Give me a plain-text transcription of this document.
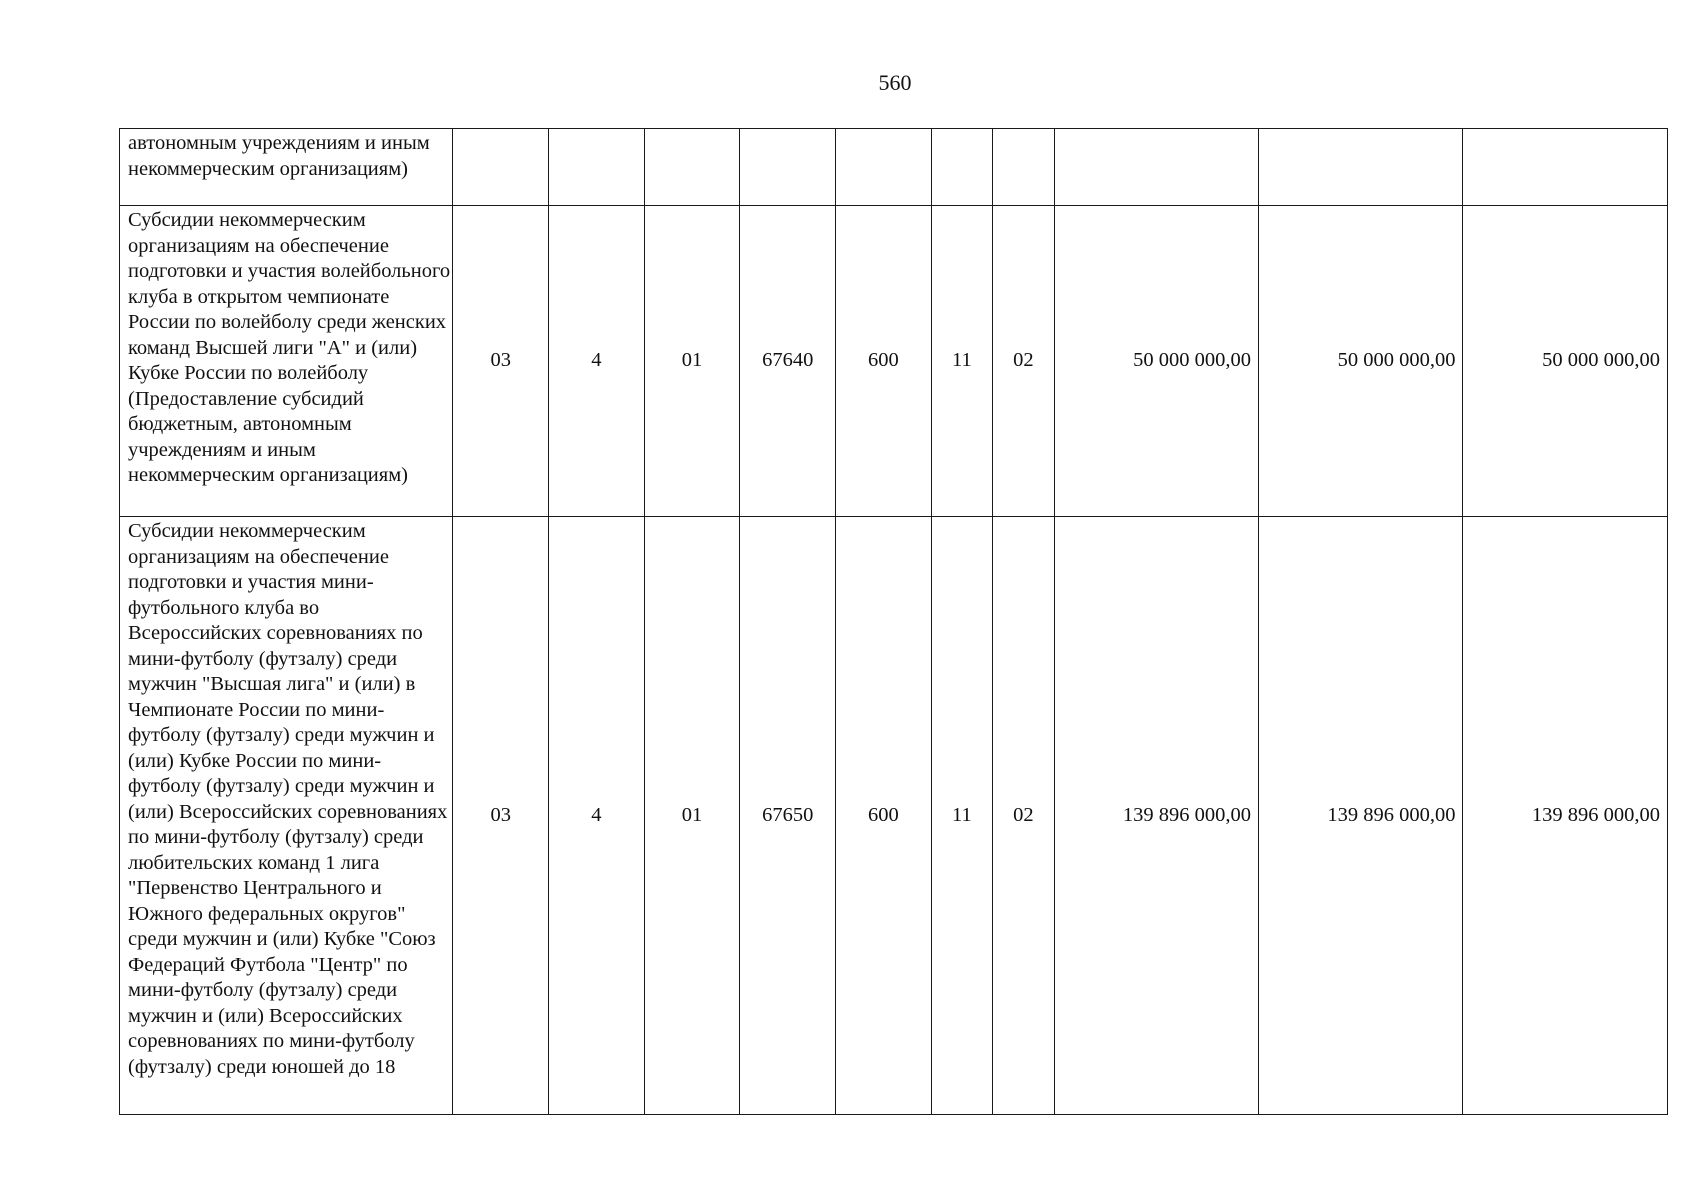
560
автономным учреждениям и иным некоммерческим организациям)										
Субсидии некоммерческим организациям на обеспечение подготовки и участия волейбольного клуба в открытом чемпионате России по волейболу среди женских команд Высшей лиги "А" и (или) Кубке России по волейболу (Предоставление субсидий бюджетным, автономным учреждениям и иным некоммерческим организациям)	03	4	01	67640	600	11	02	50 000 000,00	50 000 000,00	50 000 000,00
Субсидии некоммерческим организациям на обеспечение подготовки и участия мини-футбольного клуба во Всероссийских соревнованиях по мини-футболу (футзалу) среди мужчин "Высшая лига" и (или) в Чемпионате России по мини-футболу (футзалу) среди мужчин и (или) Кубке России по мини-футболу (футзалу) среди мужчин и (или) Всероссийских соревнованиях по мини-футболу (футзалу) среди любительских команд 1 лига "Первенство Центрального и Южного федеральных округов" среди мужчин и (или) Кубке "Союз Федераций Футбола "Центр" по мини-футболу (футзалу) среди мужчин и (или) Всероссийских соревнованиях по мини-футболу (футзалу) среди юношей до 18	03	4	01	67650	600	11	02	139 896 000,00	139 896 000,00	139 896 000,00
